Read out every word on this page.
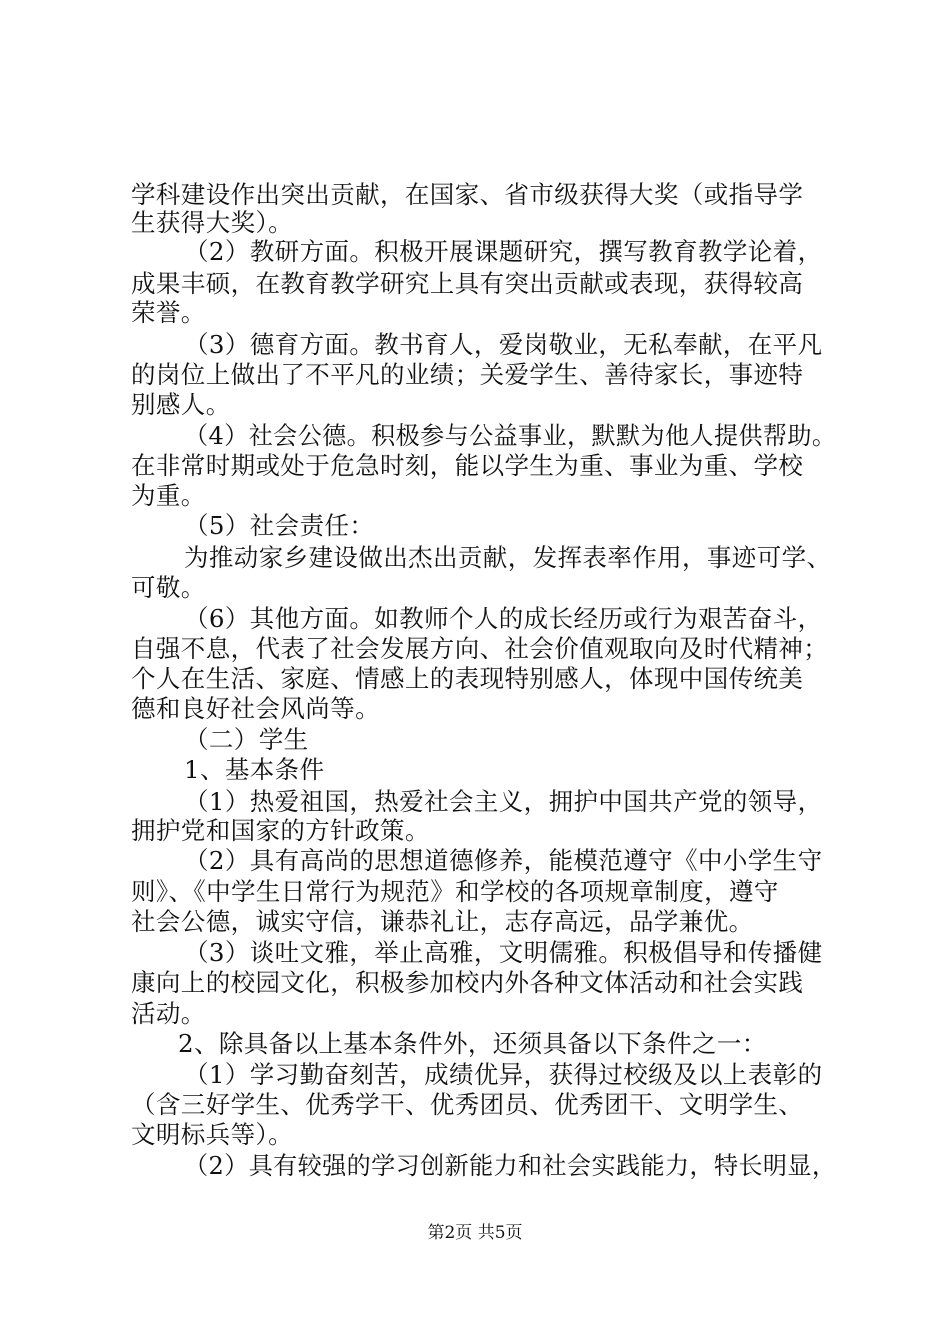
学科建设作出突出贡献，在国家、省市级获得大奖（或指导学
生获得大奖）。
（2）教研方面。积极开展课题研究，撰写教育教学论着，
成果丰硕，在教育教学研究上具有突出贡献或表现，获得较高
荣誉。
（3）德育方面。教书育人，爱岗敬业，无私奉献，在平凡
的岗位上做出了不平凡的业绩；关爱学生、善待家长，事迹特
别感人。
（4）社会公德。积极参与公益事业，默默为他人提供帮助。
在非常时期或处于危急时刻，能以学生为重、事业为重、学校
为重。
（5）社会责任：
为推动家乡建设做出杰出贡献，发挥表率作用，事迹可学、
可敬。
（6）其他方面。如教师个人的成长经历或行为艰苦奋斗，
自强不息，代表了社会发展方向、社会价值观取向及时代精神；
个人在生活、家庭、情感上的表现特别感人，体现中国传统美
德和良好社会风尚等。
（二）学生
1、基本条件
（1）热爱祖国，热爱社会主义，拥护中国共产党的领导，
拥护党和国家的方针政策。
（2）具有高尚的思想道德修养，能模范遵守《中小学生守
则》、《中学生日常行为规范》和学校的各项规章制度，遵守
社会公德，诚实守信，谦恭礼让，志存高远，品学兼优。
（3）谈吐文雅，举止高雅，文明儒雅。积极倡导和传播健
康向上的校园文化，积极参加校内外各种文体活动和社会实践
活动。
2、除具备以上基本条件外，还须具备以下条件之一：
（1）学习勤奋刻苦，成绩优异，获得过校级及以上表彰的
（含三好学生、优秀学干、优秀团员、优秀团干、文明学生、
文明标兵等）。
（2）具有较强的学习创新能力和社会实践能力，特长明显，
第2页 共5页
